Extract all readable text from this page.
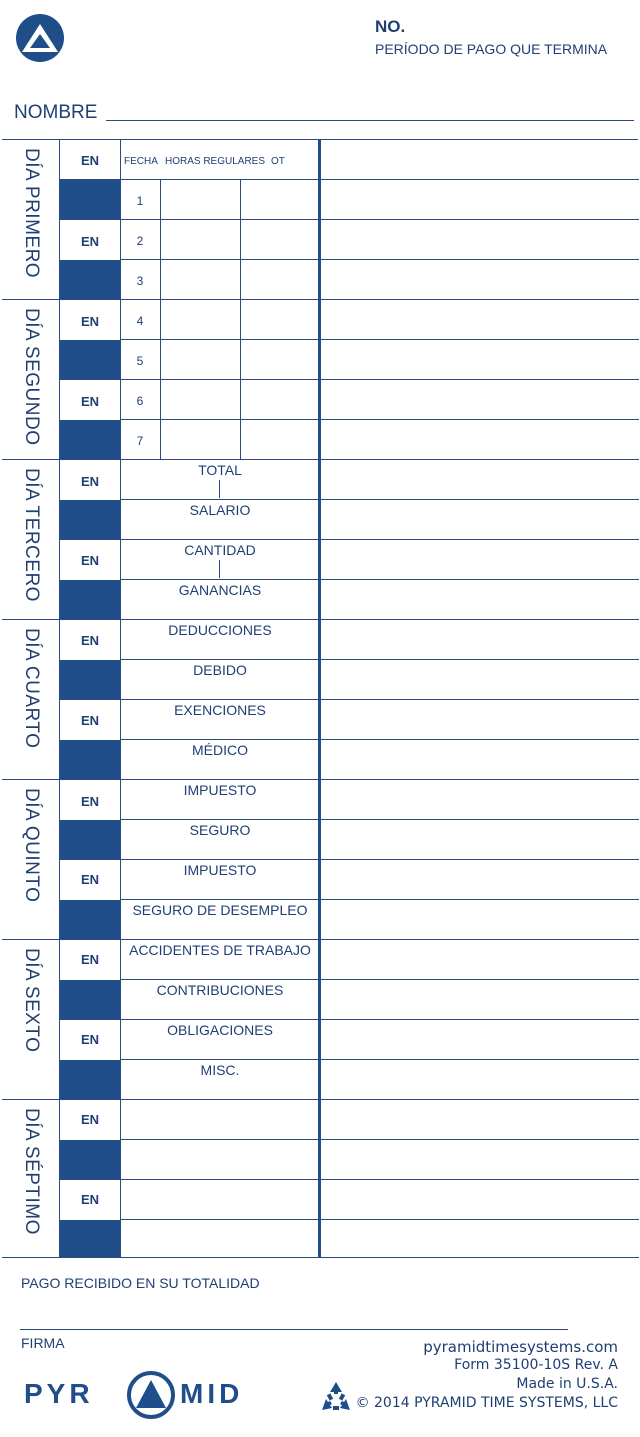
NO.
PERÍODO DE PAGO QUE TERMINA
NOMBRE
EN	FECHA HORAS REGULARES OT
EN
EN
EN
EN
EN
EN
EN
EN
EN
EN
EN
EN
EN
1
2
3
4
5
6
7
TOTAL
SALARIO
CANTIDAD
GANANCIAS
DEDUCCIONES
DEBIDO
EXENCIONES
MÉDICO
IMPUESTO
SEGURO
IMPUESTO
SEGURO DE DESEMPLEO
ACCIDENTES DE TRABAJO
CONTRIBUCIONES
OBLIGACIONES
MISC.
DÍA PRIMERO
DÍA SEGUNDO
DÍA TERCERO
DÍA CUARTO
DÍA QUINTO
DÍA SEXTO
DÍA SÉPTIMO
PAGO RECIBIDO EN SU TOTALIDAD
FIRMA
PYR	MID
pyramidtimesystems.com
Form 35100-10S Rev. A
Made in U.S.A.
© 2014 PYRAMID TIME SYSTEMS, LLC
